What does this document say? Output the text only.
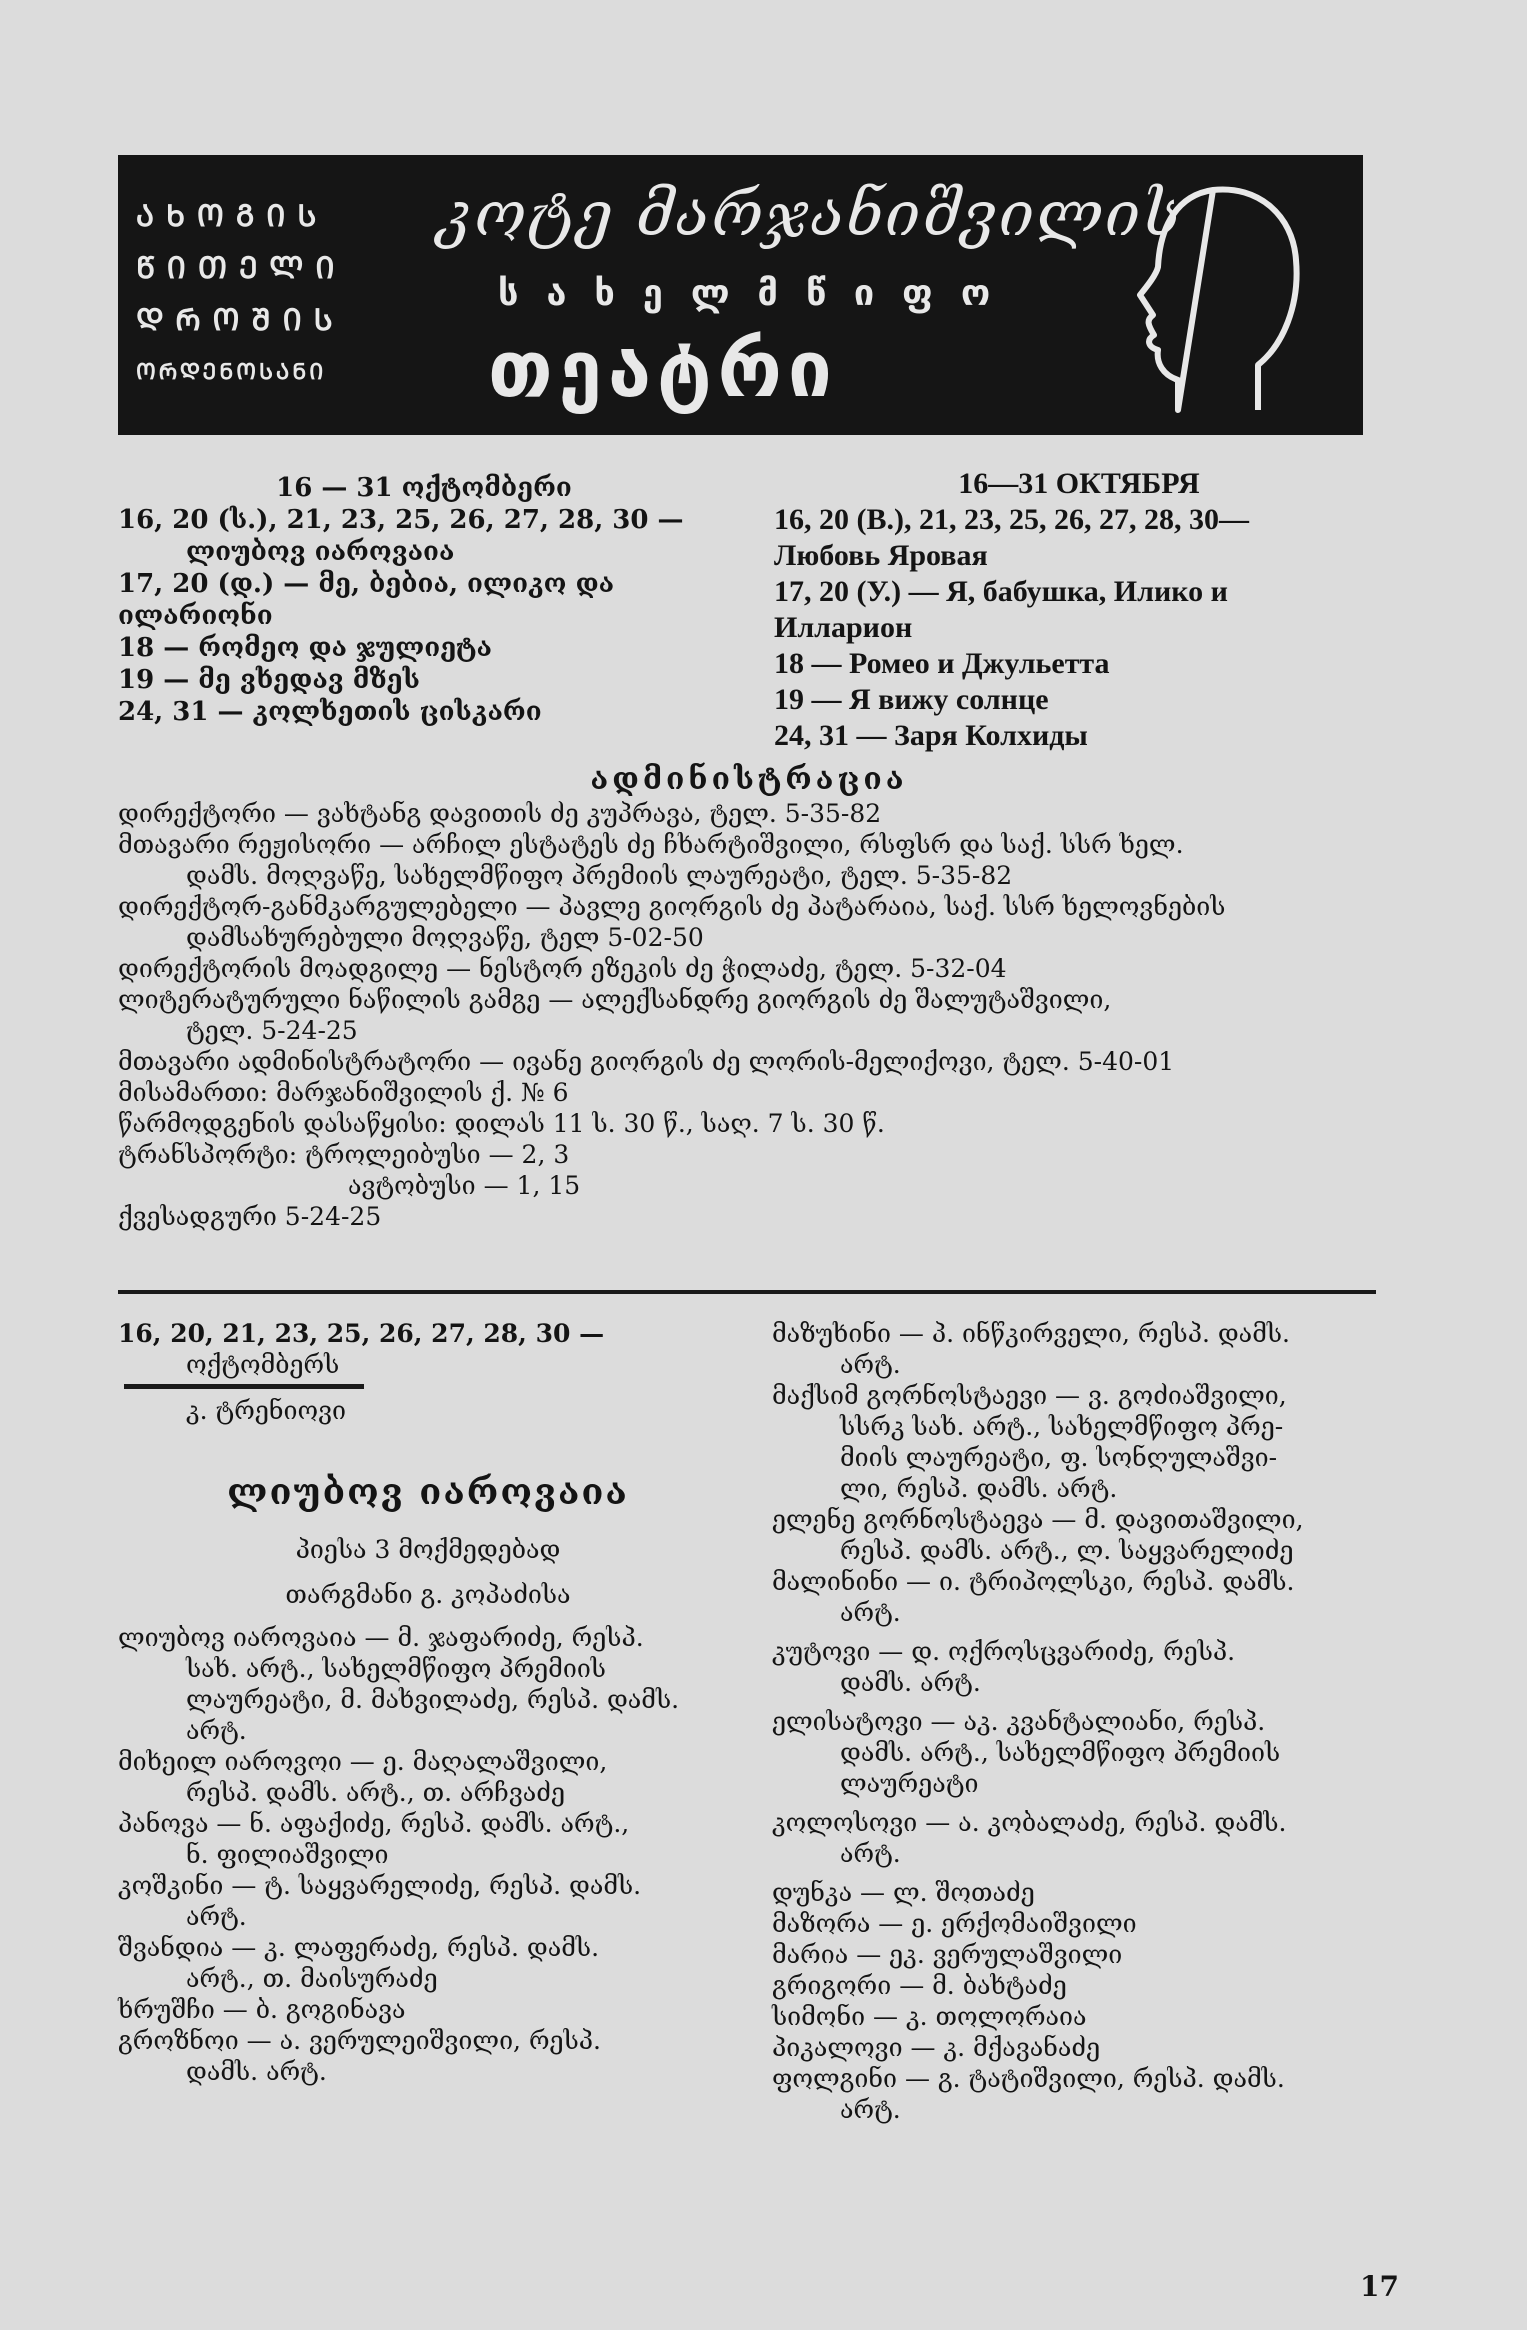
ᲐᲮᲝᲒᲘᲡ
ᲬᲘᲗᲔᲚᲘ
ᲓᲠᲝᲨᲘᲡ
ᲝᲠᲓᲔᲜᲝᲡᲐᲜᲘ
კოტე მარჯანიშვილის
სახელმწიფო
თეატრი

16 — 31 ოქტომბერი

16, 20 (ს.), 21, 23, 25, 26, 27, 28, 30 —

ლიუბოვ იაროვაია

17, 20 (დ.) — მე, ბებია, ილიკო და ილარიონი

18 — რომეო და ჯულიეტა

19 — მე ვხედავ მზეს

24, 31 — კოლხეთის ცისკარი

16—31 ОКТЯБРЯ

16, 20 (В.), 21, 23, 25, 26, 27, 28, 30—

Любовь Яровая

17, 20 (У.) — Я, бабушка, Илико и

Илларион

18 — Ромео и Джульетта

19 — Я вижу солнце

24, 31 — Заря Колхиды

ადმინისტრაცია

დირექტორი — ვახტანგ დავითის ძე კუპრავა, ტელ. 5-35-82

მთავარი რეჟისორი — არჩილ ესტატეს ძე ჩხარტიშვილი, რსფსრ და საქ. სსრ ხელ.

დამს. მოღვაწე, სახელმწიფო პრემიის ლაურეატი, ტელ. 5-35-82

დირექტორ-განმკარგულებელი — პავლე გიორგის ძე პატარაია, საქ. სსრ ხელოვნების

დამსახურებული მოღვაწე, ტელ 5-02-50

დირექტორის მოადგილე — ნესტორ ეზეკის ძე ჭილაძე, ტელ. 5-32-04

ლიტერატურული ნაწილის გამგე — ალექსანდრე გიორგის ძე შალუტაშვილი,

ტელ. 5-24-25

მთავარი ადმინისტრატორი — ივანე გიორგის ძე ლორის-მელიქოვი, ტელ. 5-40-01

მისამართი: მარჯანიშვილის ქ. № 6

წარმოდგენის დასაწყისი: დილას 11 ს. 30 წ., საღ. 7 ს. 30 წ.

ტრანსპორტი: ტროლეიბუსი — 2, 3

ავტობუსი — 1, 15

ქვესადგური 5-24-25

16, 20, 21, 23, 25, 26, 27, 28, 30 —

ოქტომბერს

კ. ტრენიოვი

ლიუბოვ იაროვაია

პიესა 3 მოქმედებად

თარგმანი გ. კოპაძისა

ლიუბოვ იაროვაია — მ. ჯაფარიძე, რესპ.

სახ. არტ., სახელმწიფო პრემიის

ლაურეატი, მ. მახვილაძე, რესპ. დამს.

არტ.

მიხეილ იაროვოი — ე. მაღალაშვილი,

რესპ. დამს. არტ., თ. არჩვაძე

პანოვა — ნ. აფაქიძე, რესპ. დამს. არტ.,

ნ. ფილიაშვილი

კოშკინი — ტ. საყვარელიძე, რესპ. დამს.

არტ.

შვანდია — კ. ლაფერაძე, რესპ. დამს.

არტ., თ. მაისურაძე

ხრუშჩი — ბ. გოგინავა

გროზნოი — ა. ვერულეიშვილი, რესპ.

დამს. არტ.

მაზუხინი — პ. ინწკირველი, რესპ. დამს.

არტ.

მაქსიმ გორნოსტაევი — ვ. გოძიაშვილი,

სსრკ სახ. არტ., სახელმწიფო პრე-

მიის ლაურეატი, ფ. სონღულაშვი-

ლი, რესპ. დამს. არტ.

ელენე გორნოსტაევა — მ. დავითაშვილი,

რესპ. დამს. არტ., ლ. საყვარელიძე

მალინინი — ი. ტრიპოლსკი, რესპ. დამს.

არტ.

კუტოვი — დ. ოქროსცვარიძე, რესპ.

დამს. არტ.

ელისატოვი — აკ. კვანტალიანი, რესპ.

დამს. არტ., სახელმწიფო პრემიის

ლაურეატი

კოლოსოვი — ა. კობალაძე, რესპ. დამს.

არტ.

დუნკა — ლ. შოთაძე

მაზორა — ე. ერქომაიშვილი

მარია — ეკ. ვერულაშვილი

გრიგორი — მ. ბახტაძე

სიმონი — კ. თოლორაია

პიკალოვი — კ. მქავანაძე

ფოლგინი — გ. ტატიშვილი, რესპ. დამს.

არტ.

17
